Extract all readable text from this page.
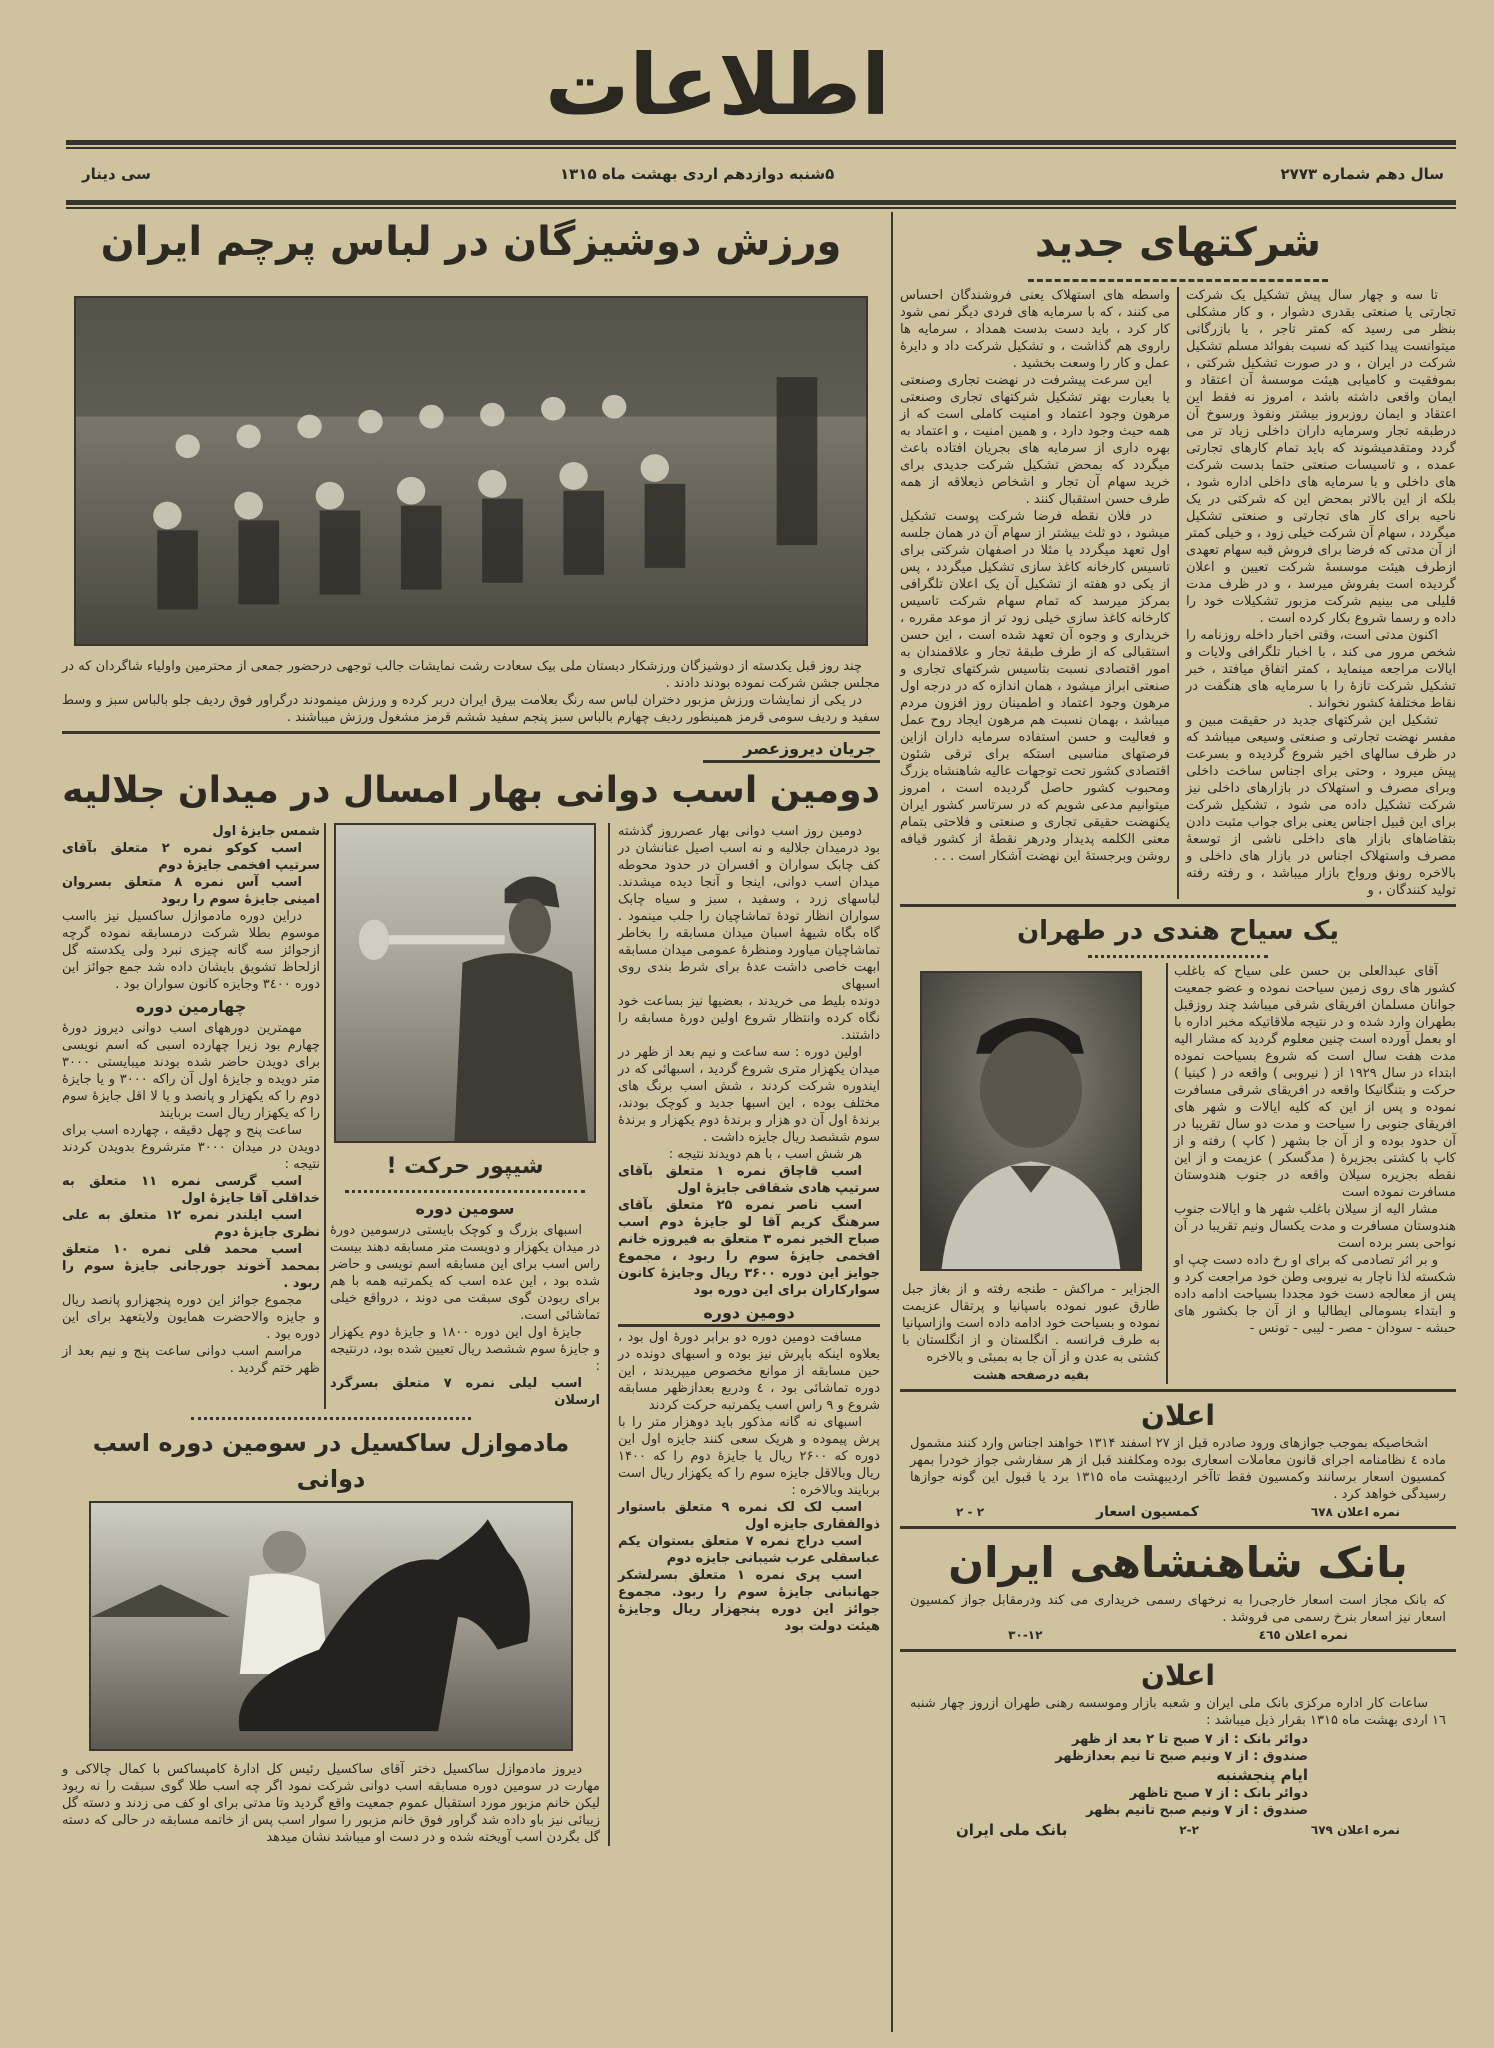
اطلاعات
سال دهم شماره ۲۷۷۳
۵شنبه دوازدهم اردی بهشت ماه ۱۳۱۵
سی دینار
ورزش دوشیزگان در لباس پرچم ایران

چند روز قبل یکدسته از دوشیزگان ورزشکار دبستان ملی بیک سعادت رشت نمایشات جالب توجهی درحضور جمعی از محترمین واولیاء شاگردان که در مجلس جشن شرکت نموده بودند دادند .

در یکی از نمایشات ورزش مزبور دختران لباس سه رنگ بعلامت بیرق ایران دربر کرده و ورزش مینمودند درگراور فوق ردیف جلو بالباس سبز و وسط سفید و ردیف سومی قرمز همینطور ردیف چهارم بالباس سبز پنجم سفید ششم قرمز مشغول ورزش میباشند .

جریان دیروزعصر
دومین اسب دوانی بهار امسال در میدان جلالیه

دومین روز اسب دوانی بهار عصرروز گذشته بود درمیدان جلالیه و نه اسب اصیل عنانشان در کف چابک سواران و افسران در حدود محوطه میدان اسب دوانی، اینجا و آنجا دیده میشدند. لباسهای زرد ، وسفید ، سبز و سیاه چابک سواران انظار تودهٔ تماشاچیان را جلب مینمود . گاه بگاه شیههٔ اسبان میدان مسابقه را بخاطر تماشاچیان میاورد ومنظرهٔ عمومی میدان مسابقه ابهت خاصی داشت عدهٔ برای شرط بندی روی اسبهای

دونده بلیط می خریدند ، بعضیها نیز بساعت خود نگاه کرده وانتظار شروع اولین دورهٔ مسابقه را داشتند.

اولین دوره : سه ساعت و نیم بعد از ظهر در میدان یکهزار متری شروع گردید ، اسبهائی که در ایندوره شرکت کردند ، شش اسب برنگ های مختلف بوده ، این اسبها جدید و کوچک بودند، برندهٔ اول آن دو هزار و برندهٔ دوم یکهزار و برندهٔ سوم ششصد ریال جایزه داشت .

هر شش اسب ، با هم دویدند نتیجه :

اسب قاچاق نمره ۱ متعلق بآقای سرتیپ هادی شقاقی جایزهٔ اول

اسب ناصر نمره ۲۵ متعلق بآقای سرهنگ کریم آقا لو جایزهٔ دوم اسب صباح الخیر نمره ۳ متعلق به فیروزه خانم افخمی جایزهٔ سوم را ربود ، مجموع جوایز این دوره ۳۶۰۰ ریال وجایزهٔ کانون سوارکاران برای این دوره بود

دومین دوره

مسافت دومین دوره دو برابر دورهٔ اول بود ، بعلاوه اینکه باپرش نیز بوده و اسبهای دونده در حین مسابقه از موانع مخصوص میپریدند ، این دوره تماشائی بود ، ٤ ودربع بعدازظهر مسابقه شروع و ۹ راس اسب یکمرتبه حرکت کردند

اسبهای نه گانه مذکور باید دوهزار متر را با پرش پیموده و هریک سعی کنند جایزه اول این دوره که ۲۶۰۰ ریال یا جایزهٔ دوم را که ۱۴۰۰ ریال وبالاقل جایزه سوم را که یکهزار ریال است بربایند وبالاخره :

اسب لک لک نمره ۹ متعلق باستوار ذوالفقاری جایزه اول

اسب دراج نمره ۷ متعلق بستوان یکم عباسقلی عرب شیبانی جایزه دوم

اسب پری نمره ۱ متعلق بسرلشکر جهانبانی جایزهٔ سوم را ربود. مجموع جوائز این دوره پنجهزار ریال وجایزهٔ هیئت دولت بود

شیپور حرکت !
سومین دوره

اسبهای بزرگ و کوچک بایستی درسومین دورهٔ در میدان یکهزار و دویست متر مسابقه دهند بیست راس اسب برای این مسابقه اسم نویسی و حاضر شده بود ، این عده اسب که یکمرتبه همه با هم برای ربودن گوی سبقت می دوند ، درواقع خیلی تماشائی است.

جایزهٔ اول این دوره ۱۸۰۰ و جایزهٔ دوم یکهزار و جایزهٔ سوم ششصد ریال تعیین شده بود، درنتیجه :

اسب لیلی نمره ۷ متعلق بسرگرد ارسلان

شمس جایزهٔ اول

اسب کوکو نمره ۲ متعلق بآقای سرتیپ افخمی جایزهٔ دوم

اسب آس نمره ۸ متعلق بسروان امینی جایزهٔ سوم را ربود

دراین دوره مادموازل ساکسیل نیز بااسب موسوم بطلا شرکت درمسابقه نموده گرچه ازجوائز سه گانه چیزی نبرد ولی یکدسته گل ازلحاظ تشویق بایشان داده شد جمع جوائز این دوره ۳٤۰۰ وجایزه کانون سواران بود .

چهارمین دوره

مهمترین دورههای اسب دوانی دیروز دورهٔ چهارم بود زیرا چهارده اسبی که اسم نویسی برای دویدن حاضر شده بودند میبایستی ۳۰۰۰ متر دویده و جایزهٔ اول آن راکه ۳۰۰۰ و یا جایزهٔ دوم را که یکهزار و پانصد و یا لا اقل جایزهٔ سوم را که یکهزار ریال است بربایند

ساعت پنج و چهل دقیقه ، چهارده اسب برای دویدن در میدان ۳۰۰۰ مترشروع بدویدن کردند نتیجه :

اسب گرسی نمره ۱۱ متعلق به خداقلی آقا جایزهٔ اول

اسب ایلندر نمره ۱۲ متعلق به علی نظری جایزهٔ دوم

اسب محمد قلی نمره ۱۰ متعلق بمحمد آخوند جورجانی جایزهٔ سوم را ربود .

مجموع جوائز این دوره پنجهزارو پانصد ریال و جایزه والاحضرت همایون ولایتعهد برای این دوره بود .

مراسم اسب دوانی ساعت پنج و نیم بعد از ظهر ختم گردید .

مادموازل ساکسیل در سومین دوره اسب دوانی

دیروز مادموازل ساکسیل دختر آقای ساکسیل رئیس کل ادارهٔ کامپساکس با کمال چالاکی و مهارت در سومین دوره مسابقه اسب دوانی شرکت نمود اگر چه اسب طلا گوی سبقت را نه ربود لیکن خانم مزبور مورد استقبال عموم جمعیت واقع گردید وتا مدتی برای او کف می زدند و دسته گل زیبائی نیز باو داده شد گراور فوق خانم مزبور را سوار اسب پس از خاتمه مسابقه در حالی که دسته گل بگردن اسب آویخته شده و در دست او میباشد نشان میدهد

شرکتهای جدید

تا سه و چهار سال پیش تشکیل یک شرکت تجارتی یا صنعتی بقدری دشوار ، و کار مشکلی بنظر می رسید که کمتر تاجر ، یا بازرگانی میتوانست پیدا کنید که نسبت بفوائد مسلم تشکیل شرکت در ایران ، و در صورت تشکیل شرکتی ، بموفقیت و کامیابی هیئت موسسهٔ آن اعتقاد و ایمان واقعی داشته باشد ، امروز نه فقط این اعتقاد و ایمان روزبروز بیشتر ونفوذ ورسوخ آن درطبقه تجار وسرمایه داران داخلی زیاد تر می گردد ومتقدمیشوند که باید تمام کارهای تجارتی عمده ، و تاسیسات صنعتی حتما بدست شرکت های داخلی و با سرمایه های داخلی اداره شود ، بلکه از این بالاتر بمحض این که شرکتی در یک ناحیه برای کار های تجارتی و صنعتی تشکیل میگردد ، سهام آن شرکت خیلی زود ، و خیلی کمتر از آن مدتی که فرضا برای فروش قبه سهام تعهدی ازطرف هیئت موسسهٔ شرکت تعیین و اعلان گردیده است بفروش میرسد ، و در ظرف مدت قلیلی می بینیم شرکت مزبور تشکیلات خود را داده و رسما شروع بکار کرده است .

اکنون مدتی است، وقتی اخبار داخله روزنامه را شخص مرور می کند ، با اخبار تلگرافی ولایات و ایالات مراجعه مینماید ، کمتر اتفاق میافتد ، خبر تشکیل شرکت تازهٔ را با سرمایه های هنگفت در نقاط مختلفهٔ کشور نخواند .

تشکیل این شرکتهای جدید در حقیقت مبین و مفسر نهضت تجارتی و صنعتی وسیعی میباشد که در ظرف سالهای اخیر شروع گردیده و بسرعت پیش میرود ، وحتی برای اجناس ساخت داخلی وبرای مصرف و استهلاک در بازارهای داخلی نیز شرکت تشکیل داده می شود ، تشکیل شرکت برای این قبیل اجناس یعنی برای جواب مثبت دادن بتقاضاهای بازار های داخلی ناشی از توسعهٔ مصرف واستهلاک اجناس در بازار های داخلی و بالاخره رونق ورواج بازار میباشد ، و رفته رفته تولید کنندگان ، و

واسطه های استهلاک یعنی فروشندگان احساس می کنند ، که با سرمایه های فردی دیگر نمی شود کار کرد ، باید دست بدست همداد ، سرمایه ها راروی هم گذاشت ، و تشکیل شرکت داد و دایرهٔ عمل و کار را وسعت بخشید .

این سرعت پیشرفت در نهضت تجاری وصنعتی یا بعبارت بهتر تشکیل شرکتهای تجاری وصنعتی مرهون وجود اعتماد و امنیت کاملی است که از همه حیث وجود دارد ، و همین امنیت ، و اعتماد به بهره داری از سرمایه های بجریان افتاده باعث میگردد که بمحض تشکیل شرکت جدیدی برای خرید سهام آن تجار و اشخاص ذیعلاقه از همه طرف حسن استقبال کنند .

در فلان نقطه فرضا شرکت پوست تشکیل میشود ، دو ثلث بیشتر از سهام آن در همان جلسه اول تعهد میگردد یا مثلا در اصفهان شرکتی برای تاسیس کارخانه کاغذ سازی تشکیل میگردد ، پس از یکی دو هفته از تشکیل آن یک اعلان تلگرافی بمرکز میرسد که تمام سهام شرکت تاسیس کارخانه کاغذ سازی خیلی زود تر از موعد مقرره ، خریداری و وجوه آن تعهد شده است ، این حسن استقبالی که از طرف طبقهٔ تجار و علاقمندان به امور اقتصادی نسبت بتاسیس شرکتهای تجاری و صنعتی ابراز میشود ، همان اندازه که در درجه اول مرهون وجود اعتماد و اطمینان روز افزون مردم میباشد ، بهمان نسبت هم مرهون ایجاد روح عمل و فعالیت و حسن استفاده سرمایه داران ازاین فرصتهای مناسبی استکه برای ترقی شئون اقتصادی کشور تحت توجهات عالیه شاهنشاه بزرگ ومحبوب کشور حاصل گردیده است ، امروز میتوانیم مدعی شویم که در سرتاسر کشور ایران یکنهضت حقیقی تجاری و صنعتی و فلاحتی بتمام معنی الکلمه پدیدار ودرهر نقطهٔ از کشور قیافه روشن وبرجستهٔ این نهضت آشکار است . . .

یک سیاح هندی در طهران

آقای عبدالعلی بن حسن علی سیاح که باغلب کشور های روی زمین سیاحت نموده و عضو جمعیت جوانان مسلمان افریقای شرقی میباشد چند روزقبل بطهران وارد شده و در نتیجه ملاقاتیکه مخبر اداره با او بعمل آورده است چنین معلوم گردید که مشار الیه مدت هفت سال است که شروع بسیاحت نموده ابتداء در سال ۱۹۲۹ از ( نیروبی ) واقعه در ( کینیا ) حرکت و بتنگانیکا واقعه در افریقای شرقی مسافرت نموده و پس از این که کلیه ایالات و شهر های افریقای جنوبی را سیاحت و مدت دو سال تقریبا در آن حدود بوده و از آن جا بشهر ( کاپ ) رفته و از کاپ با کشتی بجزیرهٔ ( مدگسکر ) عزیمت و از این نقطه بجزیره سیلان واقعه در جنوب هندوستان مسافرت نموده است

مشار الیه از سیلان باغلب شهر ها و ایالات جنوب هندوستان مسافرت و مدت یکسال ونیم تقریبا در آن نواحی بسر برده است

و بر اثر تصادمی که برای او رخ داده دست چپ او شکسته لذا ناچار به نیروبی وطن خود مراجعت کرد و پس از معالجه دست خود مجددا بسیاحت ادامه داده و ابتداء بسومالی ایطالیا و از آن جا بکشور های حبشه - سودان - مصر - لیبی - تونس -

الجزایر - مراکش - طنجه رفته و از بغاز جبل طارق عبور نموده باسپانیا و پرتقال عزیمت نموده و بسیاحت خود ادامه داده است وازاسپانیا به طرف فرانسه . انگلستان و از انگلستان با کشتی به عدن و از آن جا به بمبئی و بالاخره

بقیه درصفحه هشت
اعلان

اشخاصیکه بموجب جوازهای ورود صادره قبل از ۲۷ اسفند ۱۳۱۴ خواهند اجناس وارد کنند مشمول ماده ٤ نظامنامه اجرای قانون معاملات اسعاری بوده ومکلفند قبل از هر سفارشی جواز خودرا بمهر کمسیون اسعار برسانند وکمسیون فقط تاآخر اردیبهشت ماه ۱۳۱۵ برد یا قبول این گونه جوازها رسیدگی خواهد کرد .

نمره اعلان ٦٧٨
کمسیون اسعار
۲ - ۲
بانک شاهنشاهی ایران

که بانک مجاز است اسعار خارجی‌را به نرخهای رسمی خریداری می کند ودرمقابل جواز کمسیون اسعار نیز اسعار بنرخ رسمی می فروشد .

نمره اعلان ٤٦٥
۳۰-۱۲
اعلان

ساعات کار اداره مرکزی بانک ملی ایران و شعبه بازار وموسسه رهنی طهران ازروز چهار شنبه ۱٦ اردی بهشت ماه ۱۳۱۵ بقرار ذیل میباشد :

دوائر بانک : از ۷ صبح تا ۲ بعد از ظهر
صندوق : از ۷ ونیم صبح تا نیم بعدازظهر
ایام پنجشنبه
دوائر بانک : از ۷ صبح تاظهر
صندوق : از ۷ ونیم صبح تانیم بظهر
نمره اعلان ٦٧٩
۲-۲
بانک ملی ایران
